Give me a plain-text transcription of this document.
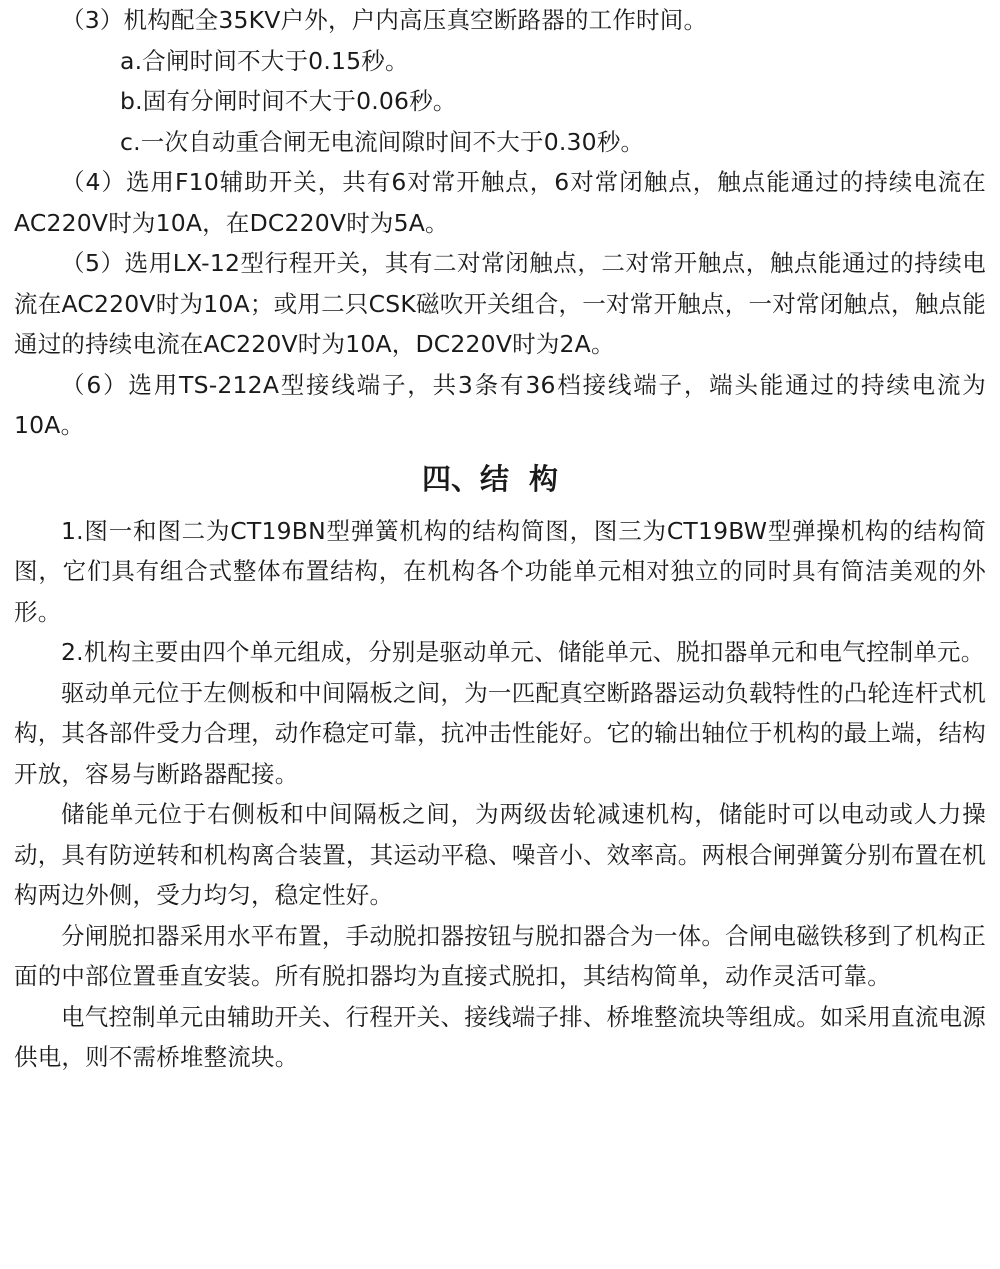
（3）机构配全35KV户外，户内高压真空断路器的工作时间。

a.合闸时间不大于0.15秒。

b.固有分闸时间不大于0.06秒。

c.一次自动重合闸无电流间隙时间不大于0.30秒。

（4）选用F10辅助开关，共有6对常开触点，6对常闭触点，触点能通过的持续电流在AC220V时为10A，在DC220V时为5A。

（5）选用LX-12型行程开关，其有二对常闭触点，二对常开触点，触点能通过的持续电流在AC220V时为10A；或用二只CSK磁吹开关组合，一对常开触点，一对常闭触点，触点能通过的持续电流在AC220V时为10A，DC220V时为2A。

（6）选用TS-212A型接线端子，共3条有36档接线端子，端头能通过的持续电流为10A。

四、结构

1.图一和图二为CT19BN型弹簧机构的结构简图，图三为CT19BW型弹操机构的结构简图，它们具有组合式整体布置结构，在机构各个功能单元相对独立的同时具有简洁美观的外形。

2.机构主要由四个单元组成，分别是驱动单元、储能单元、脱扣器单元和电气控制单元。

驱动单元位于左侧板和中间隔板之间，为一匹配真空断路器运动负载特性的凸轮连杆式机构，其各部件受力合理，动作稳定可靠，抗冲击性能好。它的输出轴位于机构的最上端，结构开放，容易与断路器配接。

储能单元位于右侧板和中间隔板之间，为两级齿轮减速机构，储能时可以电动或人力操动，具有防逆转和机构离合装置，其运动平稳、噪音小、效率高。两根合闸弹簧分别布置在机构两边外侧，受力均匀，稳定性好。

分闸脱扣器采用水平布置，手动脱扣器按钮与脱扣器合为一体。合闸电磁铁移到了机构正面的中部位置垂直安装。所有脱扣器均为直接式脱扣，其结构简单，动作灵活可靠。

电气控制单元由辅助开关、行程开关、接线端子排、桥堆整流块等组成。如采用直流电源供电，则不需桥堆整流块。
